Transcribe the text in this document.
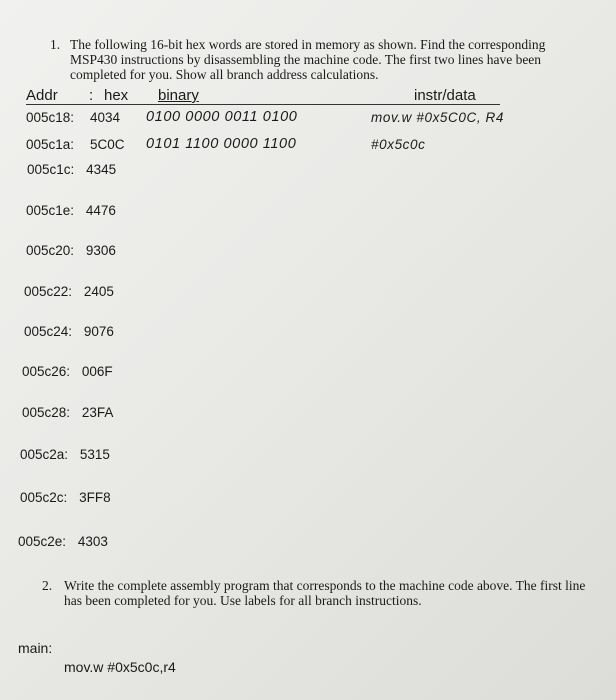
1. The following 16-bit hex words are stored in memory as shown. Find the corresponding MSP430 instructions by disassembling the machine code. The first two lines have been completed for you. Show all branch address calculations.
Addr : hex binary	instr/data
005c18: 4034 0100 0000 0011 0100	mov.w #0x5C0C, R4
005c1a: 5C0C 0101 1100 0000 1100	#0x5c0c
005c1c: 4345
005c1e: 4476
005c20: 9306
005c22: 2405
005c24: 9076
005c26: 006F
005c28: 23FA
005c2a: 5315
005c2c: 3FF8
005c2e: 4303
2. Write the complete assembly program that corresponds to the machine code above. The first line has been completed for you. Use labels for all branch instructions.
main:
mov.w #0x5c0c,r4
